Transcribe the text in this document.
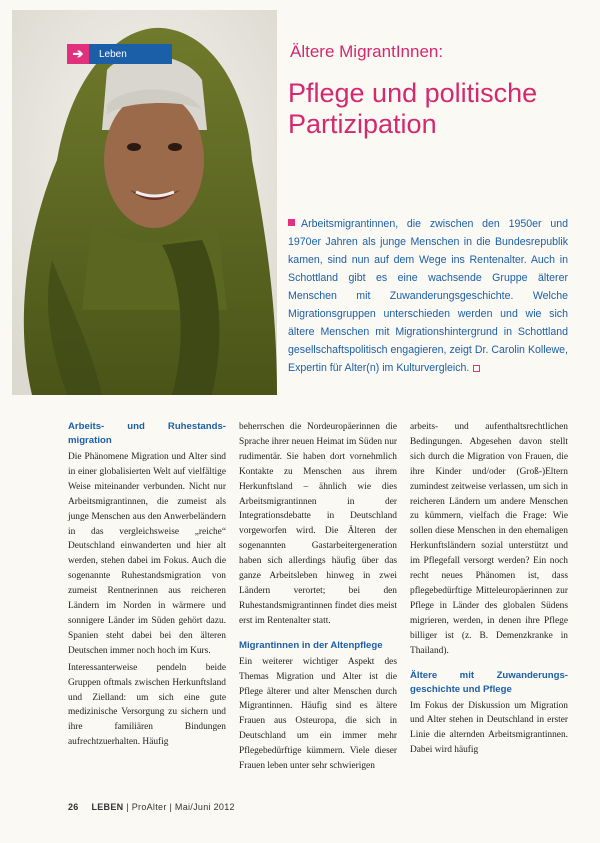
➔	Leben	Ältere MigrantInnen:
Pflege und politische
Partizipation
Arbeitsmigrantinnen, die zwischen den 1950er und 1970er Jahren als junge Menschen in die Bundesrepublik kamen, sind nun auf dem Wege ins Rentenalter. Auch in Schottland gibt es eine wachsende Gruppe älterer Menschen mit Zuwanderungsgeschichte. Welche Migrationsgruppen unterschieden werden und wie sich ältere Menschen mit Migrationshintergrund in Schottland gesellschaftspolitisch engagieren, zeigt Dr. Carolin Kollewe, Expertin für Alter(n) im Kulturvergleich.
Arbeits- und Ruhestands-migration

Die Phänomene Migration und Alter sind in einer globalisierten Welt auf vielfältige Weise miteinander verbunden. Nicht nur Arbeitsmigrantinnen, die zumeist als junge Menschen aus den Anwerbeländern in das vergleichsweise „reiche“ Deutschland einwanderten und hier alt werden, stehen dabei im Fokus. Auch die sogenannte Ruhestandsmigration von zumeist Rentnerinnen aus reicheren Ländern im Norden in wärmere und sonnigere Länder im Süden gehört dazu. Spanien steht dabei bei den älteren Deutschen immer noch hoch im Kurs.

Interessanterweise pendeln beide Gruppen oftmals zwischen Herkunftsland und Zielland: um sich eine gute medizinische Versorgung zu sichern und ihre familiären Bindungen aufrechtzuerhalten. Häufig

beherrschen die Nordeuropäerinnen die Sprache ihrer neuen Heimat im Süden nur rudimentär. Sie haben dort vornehmlich Kontakte zu Menschen aus ihrem Herkunftsland – ähnlich wie dies Arbeitsmigrantinnen in der Integrationsdebatte in Deutschland vorgeworfen wird. Die Älteren der sogenannten Gastarbeitergeneration haben sich allerdings häufig über das ganze Arbeitsleben hinweg in zwei Ländern verortet; bei den Ruhestandsmigrantinnen findet dies meist erst im Rentenalter statt.

Migrantinnen in der Altenpflege

Ein weiterer wichtiger Aspekt des Themas Migration und Alter ist die Pflege älterer und alter Menschen durch Migrantinnen. Häufig sind es ältere Frauen aus Osteuropa, die sich in Deutschland um ein immer mehr Pflegebedürftige kümmern. Viele dieser Frauen leben unter sehr schwierigen

arbeits- und aufenthaltsrechtlichen Bedingungen. Abgesehen davon stellt sich durch die Migration von Frauen, die ihre Kinder und/oder (Groß-)Eltern zumindest zeitweise verlassen, um sich in reicheren Ländern um andere Menschen zu kümmern, vielfach die Frage: Wie sollen diese Menschen in den ehemaligen Herkunftsländern sozial unterstützt und im Pflegefall versorgt werden? Ein noch recht neues Phänomen ist, dass pflegebedürftige Mitteleuropäerinnen zur Pflege in Länder des globalen Südens migrieren, werden, in denen ihre Pflege billiger ist (z. B. Demenzkranke in Thailand).

Ältere mit Zuwanderungs-geschichte und Pflege

Im Fokus der Diskussion um Migration und Alter stehen in Deutschland in erster Linie die alternden Arbeitsmigrantinnen. Dabei wird häufig

26 LEBEN | ProAlter | Mai/Juni 2012
